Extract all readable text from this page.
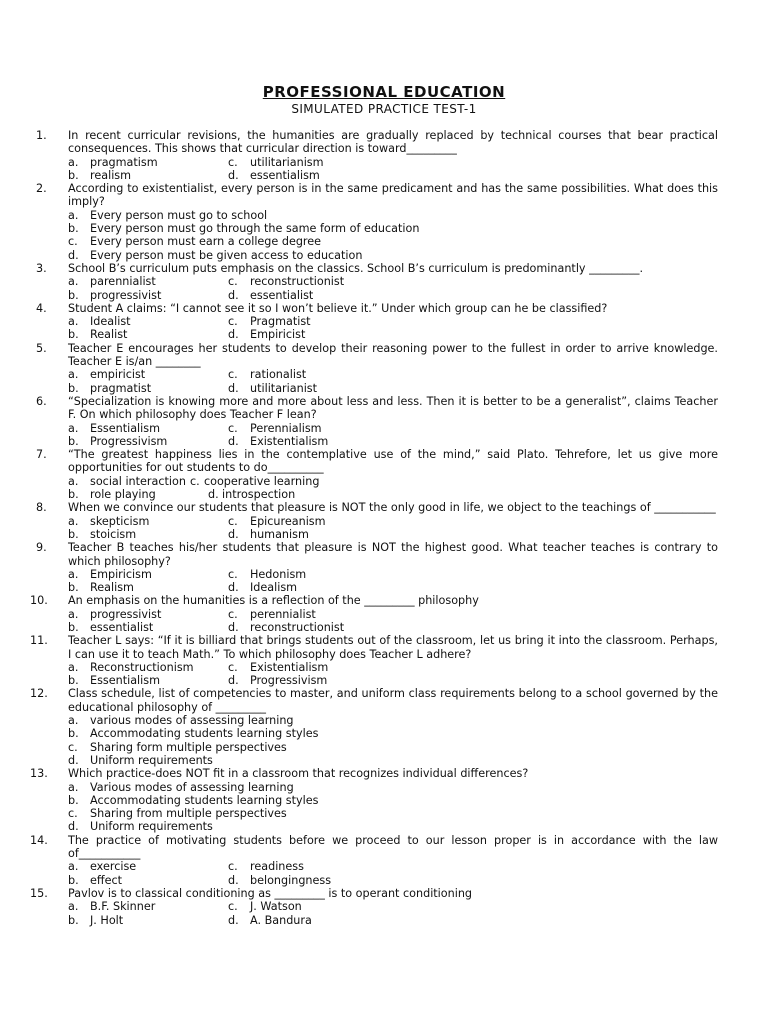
PROFESSIONAL EDUCATION
SIMULATED PRACTICE TEST-1
1.	In recent curricular revisions, the humanities are gradually replaced by technical courses that bear practical consequences. This shows that curricular direction is toward_________
a.	pragmatism	c.	utilitarianism
b.	realism	d.	essentialism
2.	According to existentialist, every person is in the same predicament and has the same possibilities. What does this imply?
a.	Every person must go to school
b.	Every person must go through the same form of education
c.	Every person must earn a college degree
d.	Every person must be given access to education
3.	School B’s curriculum puts emphasis on the classics. School B’s curriculum is predominantly _________.
a.	parennialist	c.	reconstructionist
b.	progressivist	d.	essentialist
4.	Student A claims: “I cannot see it so I won’t believe it.” Under which group can he be classified?
a.	Idealist	c.	Pragmatist
b.	Realist	d.	Empiricist
5.	Teacher E encourages her students to develop their reasoning power to the fullest in order to arrive knowledge. Teacher E is/an ________
a.	empiricist	c.	rationalist
b.	pragmatist	d.	utilitarianist
6.	“Specialization is knowing more and more about less and less. Then it is better to be a generalist”, claims Teacher F. On which philosophy does Teacher F lean?
a.	Essentialism	c.	Perennialism
b.	Progressivism	d.	Existentialism
7.	“The greatest happiness lies in the contemplative use of the mind,” said Plato. Tehrefore, let us give more opportunities for out students to do__________
a.	social interaction c. cooperative learning
b.	role playing	d. introspection
8.	When we convince our students that pleasure is NOT the only good in life, we object to the teachings of ___________
a.	skepticism	c.	Epicureanism
b.	stoicism	d.	humanism
9.	Teacher B teaches his/her students that pleasure is NOT the highest good. What teacher teaches is contrary to which philosophy?
a.	Empiricism	c.	Hedonism
b.	Realism	d.	Idealism
10.	An emphasis on the humanities is a reflection of the _________ philosophy
a.	progressivist	c.	perennialist
b.	essentialist	d.	reconstructionist
11.	Teacher L says: “If it is billiard that brings students out of the classroom, let us bring it into the classroom. Perhaps, I can use it to teach Math.” To which philosophy does Teacher L adhere?
a.	Reconstructionism	c.	Existentialism
b.	Essentialism	d.	Progressivism
12.	Class schedule, list of competencies to master, and uniform class requirements belong to a school governed by the educational philosophy of _________
a.	various modes of assessing learning
b.	Accommodating students learning styles
c.	Sharing form multiple perspectives
d.	Uniform requirements
13.	Which practice-does NOT fit in a classroom that recognizes individual differences?
a.	Various modes of assessing learning
b.	Accommodating students learning styles
c.	Sharing from multiple perspectives
d.	Uniform requirements
14.	The practice of motivating students before we proceed to our lesson proper is in accordance with the law of___________
a.	exercise	c.	readiness
b.	effect	d.	belongingness
15.	Pavlov is to classical conditioning as _________ is to operant conditioning
a.	B.F. Skinner	c.	J. Watson
b.	J. Holt	d.	A. Bandura
